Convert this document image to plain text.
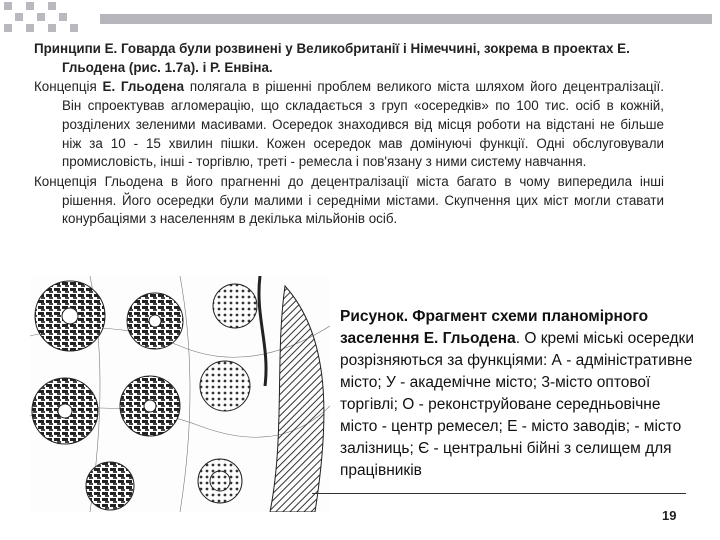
Принципи Е. Говарда були розвинені у Великобританії і Німеччині, зокрема в проектах Е. Гльодена (рис. 1.7а). і Р. Енвіна.

Концепція Е. Гльодена полягала в рішенні проблем великого міста шляхом його децентралізації. Він спроектував агломерацію, що складається з груп «осередків» по 100 тис. осіб в кожній, розділених зеленими масивами. Осередок знаходився від місця роботи на відстані не більше ніж за 10 - 15 хвилин пішки. Кожен осередок мав домінуючі функції. Одні обслуговували промисловість, інші - торгівлю, треті - ремесла і пов'язану з ними систему навчання.

Концепція Гльодена в його прагненні до децентралізації міста багато в чому випередила інші рішення. Його осередки були малими і середніми містами. Скупчення цих міст могли ставати конурбаціями з населенням в декілька мільйонів осіб.

Рисунок. Фрагмент схеми планомірного заселення Е. Гльодена. О кремі міські осередки розрізняються за функціями: А - адміністративне місто; У - академічне місто; 3-місто оптової торгівлі; О - реконструйоване середньовічне місто - центр ремесел; Е - місто заводів; - місто залізниць; Є - центральні бійні з селищем для працівників
19
